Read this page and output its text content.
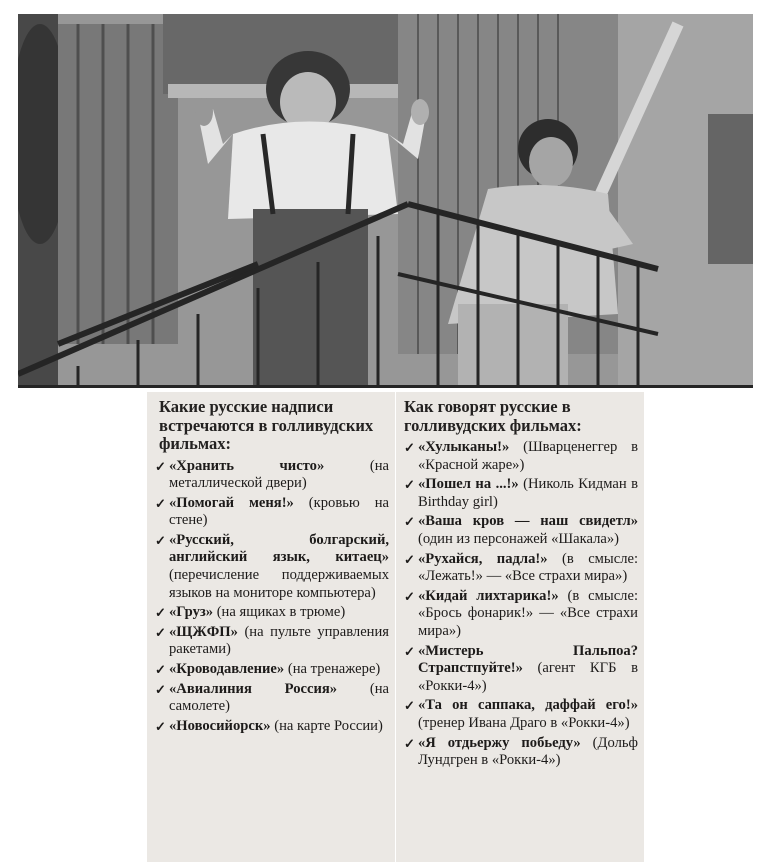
Какие русские надписи встречаются в голливудских фильмах:
✓ «Хранить чисто» (на металлической двери)
✓ «Помогай меня!» (кровью на стене)
✓ «Русский, болгарский, английский язык, китаец» (перечисление поддерживаемых языков на мониторе компьютера)
✓ «Груз» (на ящиках в трюме)
✓ «ЩЖФП» (на пульте управления ракетами)
✓ «Кроводавление» (на тренажере)
✓ «Авиалиния Россия» (на самолете)
✓ «Новосийорск» (на карте России)
Как говорят русские в голливудских фильмах:
✓ «Хулыканы!» (Шварценеггер в «Красной жаре»)
✓ «Пошел на ...!» (Николь Кидман в Birthday girl)
✓ «Ваша кров — наш свидетл» (один из персонажей «Шакала»)
✓ «Рухайся, падла!» (в смысле: «Лежать!» — «Все страхи мира»)
✓ «Кидай лихтарика!» (в смысле: «Брось фонарик!» — «Все страхи мира»)
✓ «Мистерь Пальпоа? Страпстпуйте!» (агент КГБ в «Рокки-4»)
✓ «Та он саппака, даффай его!» (тренер Ивана Драго в «Рокки-4»)
✓ «Я отдьержу побьеду» (Дольф Лундгрен в «Рокки-4»)
